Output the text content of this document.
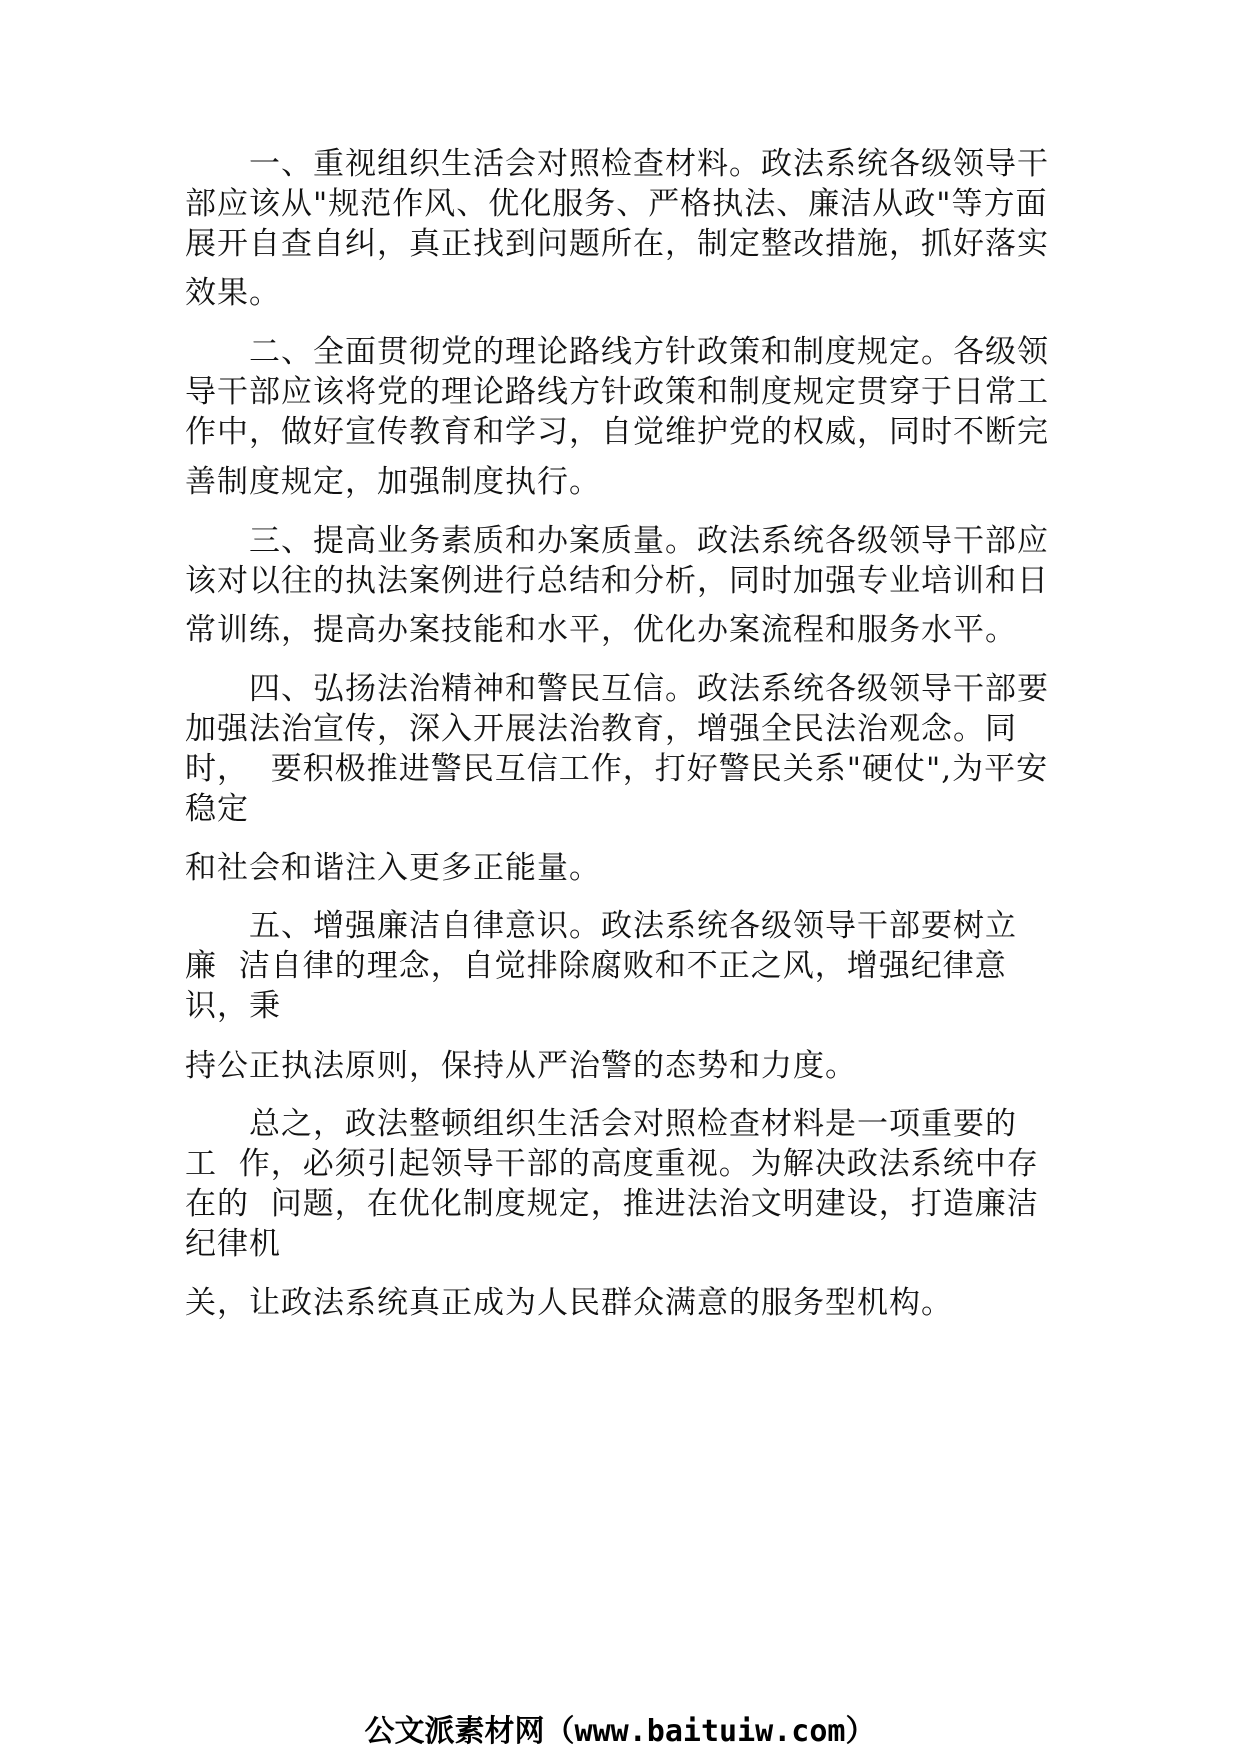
　　一、重视组织生活会对照检查材料。政法系统各级领导干
部应该从"规范作风、优化服务、严格执法、廉洁从政"等方面
展开自查自纠，真正找到问题所在，制定整改措施，抓好落实
效果。
　　二、全面贯彻党的理论路线方针政策和制度规定。各级领
导干部应该将党的理论路线方针政策和制度规定贯穿于日常工
作中，做好宣传教育和学习，自觉维护党的权威，同时不断完
善制度规定，加强制度执行。
　　三、提高业务素质和办案质量。政法系统各级领导干部应
该对以往的执法案例进行总结和分析，同时加强专业培训和日
常训练，提高办案技能和水平，优化办案流程和服务水平。
　　四、弘扬法治精神和警民互信。政法系统各级领导干部要
加强法治宣传，深入开展法治教育，增强全民法治观念。同
时，  要积极推进警民互信工作，打好警民关系"硬仗",为平安
稳定
和社会和谐注入更多正能量。
　　五、增强廉洁自律意识。政法系统各级领导干部要树立
廉  洁自律的理念，自觉排除腐败和不正之风，增强纪律意
识，秉
持公正执法原则，保持从严治警的态势和力度。
　　总之，政法整顿组织生活会对照检查材料是一项重要的
工  作，必须引起领导干部的高度重视。为解决政法系统中存
在的  问题，在优化制度规定，推进法治文明建设，打造廉洁
纪律机
关，让政法系统真正成为人民群众满意的服务型机构。
公文派素材网（www.baituiw.com）
